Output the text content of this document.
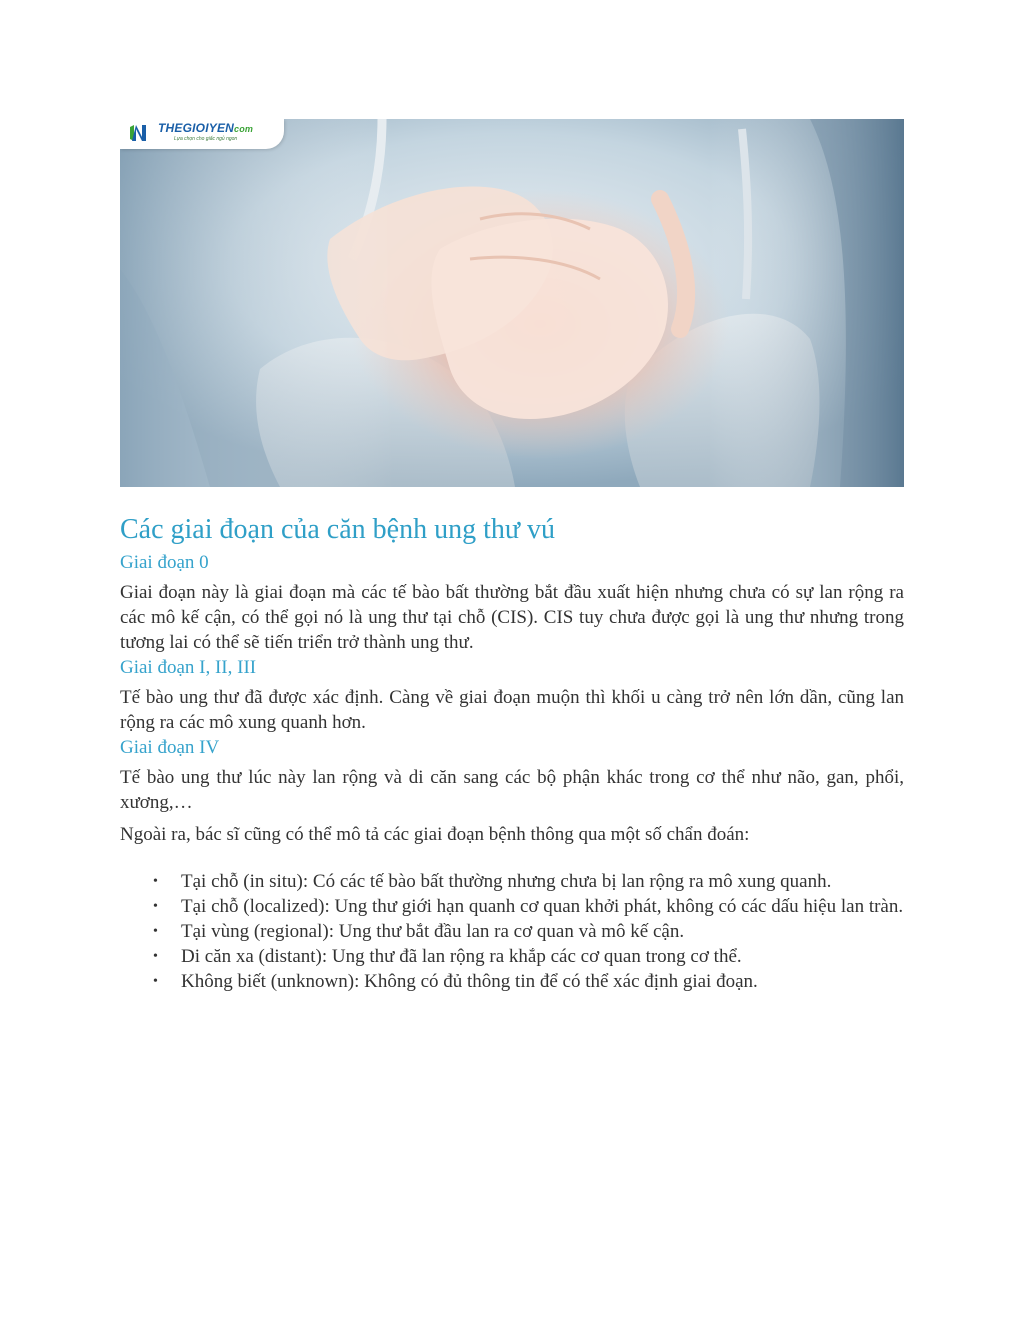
THEGIOIYENcom
Lựa chọn cho giấc ngủ ngon
Các giai đoạn của căn bệnh ung thư vú
Giai đoạn 0

Giai đoạn này là giai đoạn mà các tế bào bất thường bắt đầu xuất hiện nhưng chưa có sự lan rộng ra các mô kế cận, có thể gọi nó là ung thư tại chỗ (CIS). CIS tuy chưa được gọi là ung thư nhưng trong tương lai có thể sẽ tiến triển trở thành ung thư.

Giai đoạn I, II, III

Tế bào ung thư đã được xác định. Càng về giai đoạn muộn thì khối u càng trở nên lớn dần, cũng lan rộng ra các mô xung quanh hơn.

Giai đoạn IV

Tế bào ung thư lúc này lan rộng và di căn sang các bộ phận khác trong cơ thể như não, gan, phổi, xương,…

Ngoài ra, bác sĩ cũng có thể mô tả các giai đoạn bệnh thông qua một số chẩn đoán:

• Tại chỗ (in situ): Có các tế bào bất thường nhưng chưa bị lan rộng ra mô xung quanh.
• Tại chỗ (localized): Ung thư giới hạn quanh cơ quan khởi phát, không có các dấu hiệu lan tràn.
• Tại vùng (regional): Ung thư bắt đầu lan ra cơ quan và mô kế cận.
• Di căn xa (distant): Ung thư đã lan rộng ra khắp các cơ quan trong cơ thể.
• Không biết (unknown): Không có đủ thông tin để có thể xác định giai đoạn.
